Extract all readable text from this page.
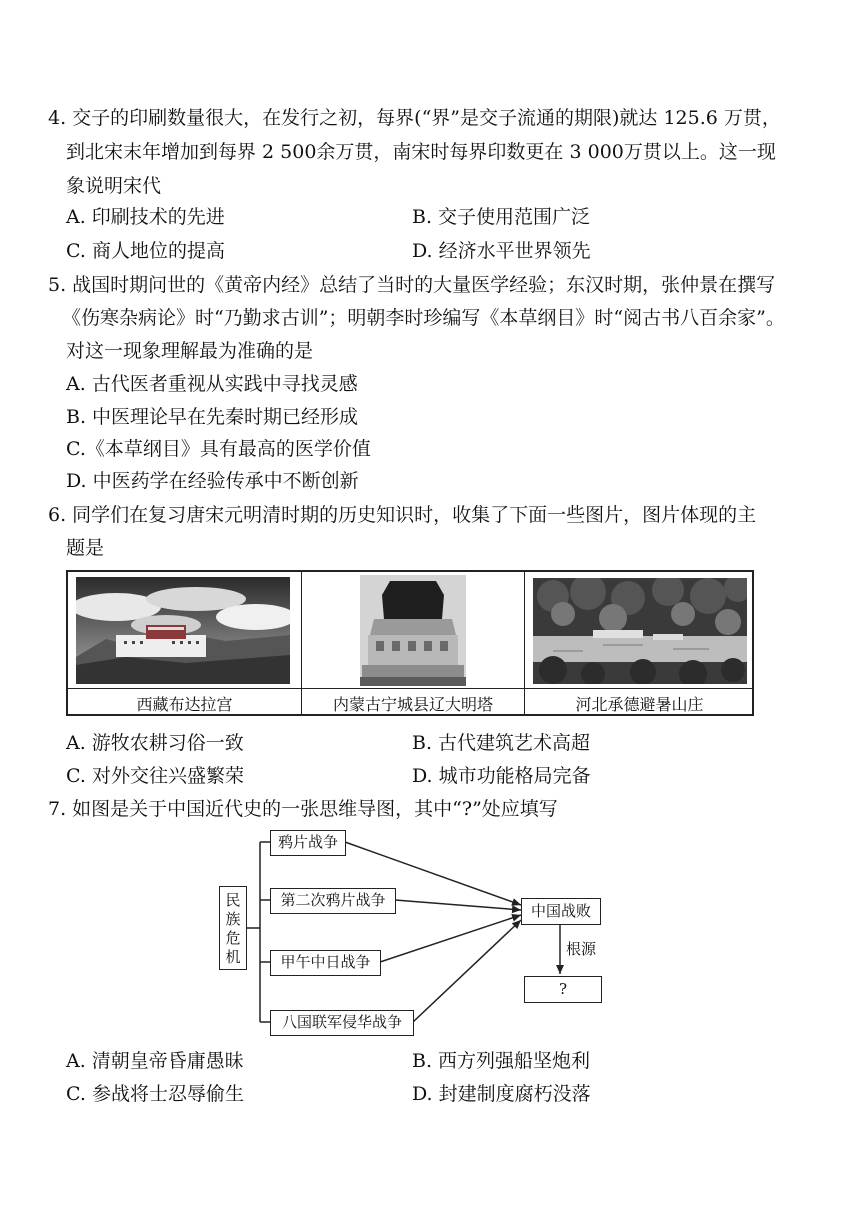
4. 交子的印刷数量很大，在发行之初，每界(“界”是交子流通的期限)就达 125.6 万贯，
到北宋末年增加到每界 2 500余万贯，南宋时每界印数更在 3 000万贯以上。这一现
象说明宋代
A. 印刷技术的先进	B. 交子使用范围广泛
C. 商人地位的提高	D. 经济水平世界领先
5. 战国时期问世的《黄帝内经》总结了当时的大量医学经验；东汉时期，张仲景在撰写
《伤寒杂病论》时“乃勤求古训”；明朝李时珍编写《本草纲目》时“阅古书八百余家”。
对这一现象理解最为准确的是
A. 古代医者重视从实践中寻找灵感
B. 中医理论早在先秦时期已经形成
C.《本草纲目》具有最高的医学价值
D. 中医药学在经验传承中不断创新
6. 同学们在复习唐宋元明清时期的历史知识时，收集了下面一些图片，图片体现的主
题是
西藏布达拉宫	内蒙古宁城县辽大明塔	河北承德避暑山庄
A. 游牧农耕习俗一致	B. 古代建筑艺术高超
C. 对外交往兴盛繁荣	D. 城市功能格局完备
7. 如图是关于中国近代史的一张思维导图，其中“?”处应填写
民族危机
鸦片战争
第二次鸦片战争
甲午中日战争
八国联军侵华战争
中国战败
根源
?
A. 清朝皇帝昏庸愚昧	B. 西方列强船坚炮利
C. 参战将士忍辱偷生	D. 封建制度腐朽没落
